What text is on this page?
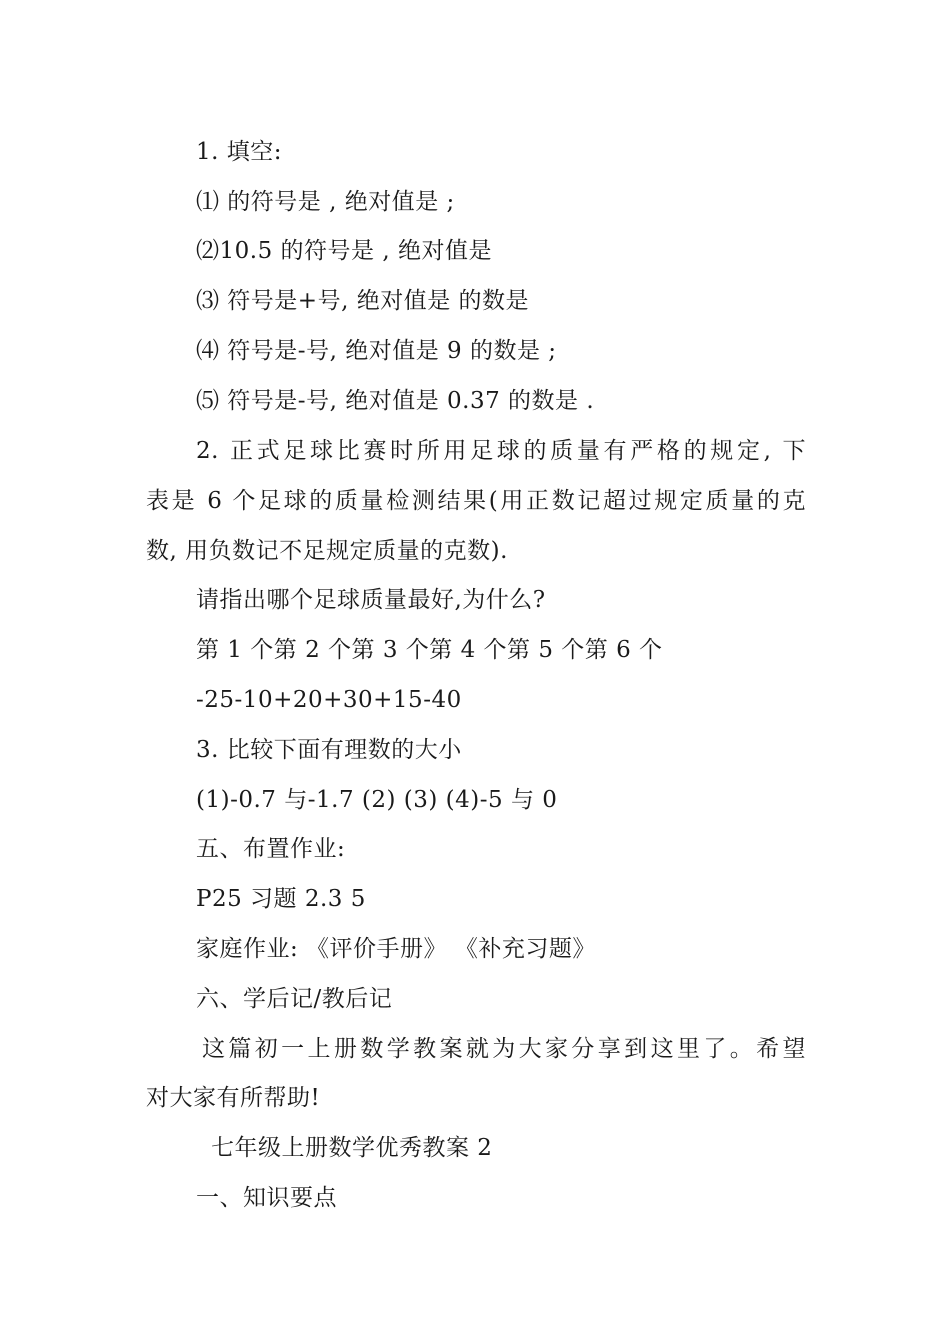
1. 填空:
⑴ 的符号是 , 绝对值是 ;
⑵10.5 的符号是 , 绝对值是
⑶ 符号是+号, 绝对值是 的数是
⑷ 符号是-号, 绝对值是 9 的数是 ;
⑸ 符号是-号, 绝对值是 0.37 的数是 .
2. 正式足球比赛时所用足球的质量有严格的规定, 下
表是 6 个足球的质量检测结果(用正数记超过规定质量的克
数, 用负数记不足规定质量的克数).
请指出哪个足球质量最好,为什么?
第 1 个第 2 个第 3 个第 4 个第 5 个第 6 个
-25-10+20+30+15-40
3. 比较下面有理数的大小
(1)-0.7 与-1.7 (2) (3) (4)-5 与 0
五、布置作业:
P25 习题 2.3 5
家庭作业: 《评价手册》 《补充习题》
六、学后记/教后记
这篇初一上册数学教案就为大家分享到这里了。希望
对大家有所帮助!
七年级上册数学优秀教案 2
一、知识要点
